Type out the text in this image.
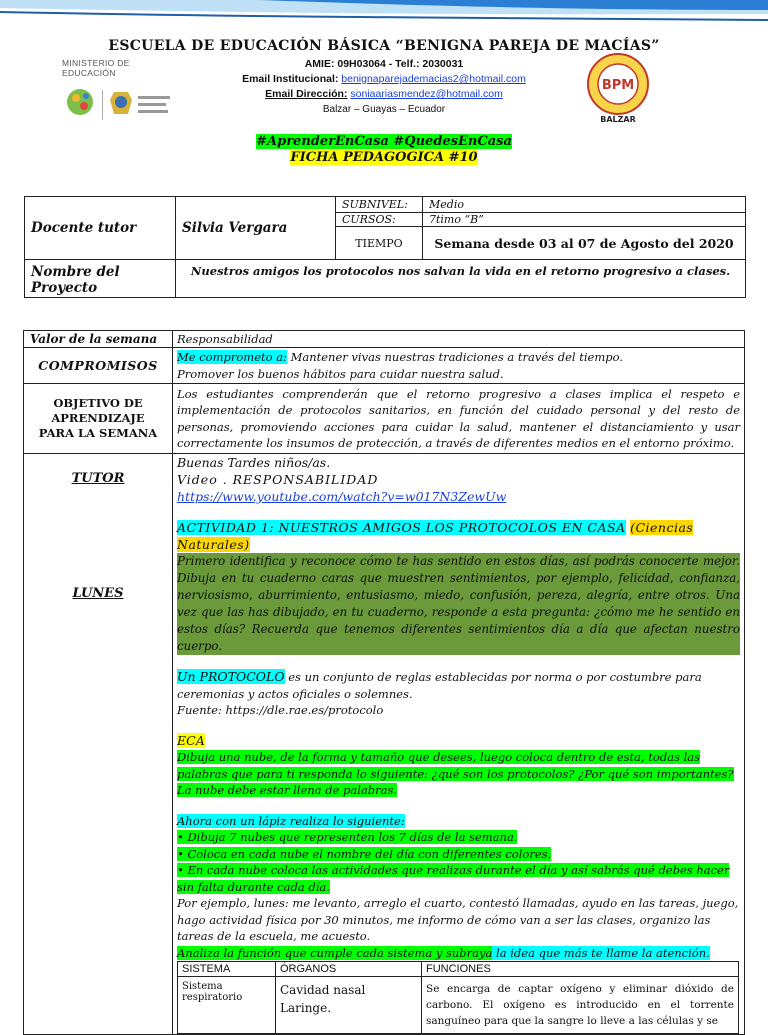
ESCUELA DE EDUCACIÓN BÁSICA “BENIGNA PAREJA DE MACÍAS”
AMIE: 09H03064 - Telf.: 2030031
Email Institucional: benignaparejademacias2@hotmail.com
Email Dirección: soniaariasmendez@hotmail.com
Balzar – Guayas – Ecuador
MINISTERIO DE EDUCACIÓN
BPM
BALZAR
#AprenderEnCasa #QuedesEnCasa
FICHA PEDAGOGICA #10
Docente tutor	Silvia Vergara	SUBNIVEL:	Medio
		CURSOS:	7timo “B”
		TIEMPO	Semana desde 03 al 07 de Agosto del 2020
Nombre del Proyecto	Nuestros amigos los protocolos nos salvan la vida en el retorno progresivo a clases.		
Valor de la semana	Responsabilidad
COMPROMISOS	Me comprometo a: Mantener vivas nuestras tradiciones a través del tiempo.
Promover los buenos hábitos para cuidar nuestra salud.
OBJETIVO DE APRENDIZAJE PARA LA SEMANA	Los estudiantes comprenderán que el retorno progresivo a clases implica el respeto e implementación de protocolos sanitarios, en función del cuidado personal y del resto de personas, promoviendo acciones para cuidar la salud, mantener el distanciamiento y usar correctamente los insumos de protección, a través de diferentes medios en el entorno próximo.

TUTOR
LUNES

Buenas Tardes niños/as.
Video . RESPONSABILIDAD
https://www.youtube.com/watch?v=w017N3ZewUw
ACTIVIDAD 1: NUESTROS AMIGOS LOS PROTOCOLOS EN CASA (Ciencias Naturales)
Primero identifica y reconoce cómo te has sentido en estos días, así podrás conocerte mejor. Dibuja en tu cuaderno caras que muestren sentimientos, por ejemplo, felicidad, confianza, nerviosismo, aburrimiento, entusiasmo, miedo, confusión, pereza, alegría, entre otros. Una vez que las has dibujado, en tu cuaderno, responde a esta pregunta: ¿cómo me he sentido en estos días? Recuerda que tenemos diferentes sentimientos día a día que afectan nuestro cuerpo.
Un PROTOCOLO es un conjunto de reglas establecidas por norma o por costumbre para ceremonias y actos oficiales o solemnes.
Fuente: https://dle.rae.es/protocolo
ECA
Dibuja una nube, de la forma y tamaño que desees, luego coloca dentro de esta, todas las palabras que para ti responda lo siguiente: ¿qué son los protocolos? ¿Por qué son importantes? La nube debe estar llena de palabras.
Ahora con un lápiz realiza lo siguiente:
• Dibuja 7 nubes que representen los 7 días de la semana.
• Coloca en cada nube el nombre del día con diferentes colores.
• En cada nube coloca las actividades que realizas durante el día y así sabrás qué debes hacer sin falta durante cada día.
Por ejemplo, lunes: me levanto, arreglo el cuarto, contestó llamadas, ayudo en las tareas, juego, hago actividad física por 30 minutos, me informo de cómo van a ser las clases, organizo las tareas de la escuela, me acuesto.
Analiza la función que cumple cada sistema y subraya la idea que más te llame la atención.
SISTEMA	ÓRGANOS	FUNCIONES
Sistema respiratorio	Cavidad nasal Laringe.	Se encarga de captar oxígeno y eliminar dióxido de carbono. El oxígeno es introducido en el torrente sanguíneo para que la sangre lo lleve a las células y se
